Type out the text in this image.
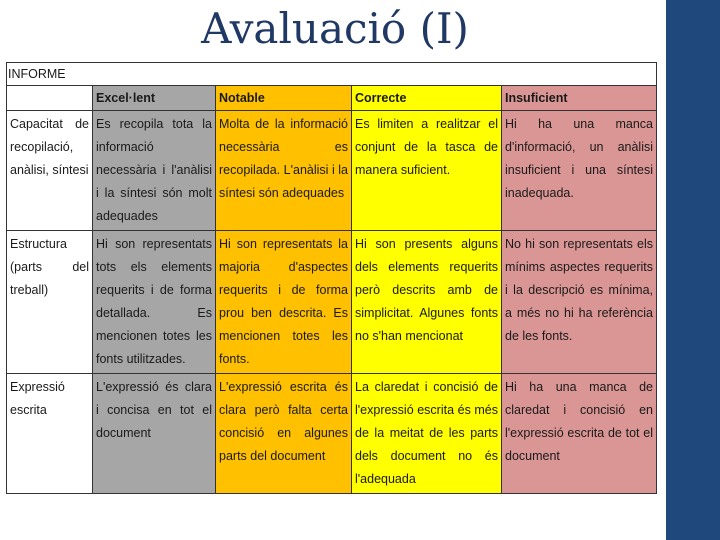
Avaluació (I)
INFORME				
	Excel·lent	Notable	Correcte	Insuficient
Capacitat de recopilació, anàlisi, síntesi	Es recopila tota la informació necessària i l'anàlisi i la síntesi són molt adequades	Molta de la informació necessària es recopilada. L'anàlisi i la síntesi són adequades	Es limiten a realitzar el conjunt de la tasca de manera suficient.	Hi ha una manca d'informació, un anàlisi insuficient i una síntesi inadequada.
Estructura (parts del treball)	Hi son representats tots els elements requerits i de forma detallada. Es mencionen totes les fonts utilitzades.	Hi son representats la majoria d'aspectes requerits i de forma prou ben descrita. Es mencionen totes les fonts.	Hi son presents alguns dels elements requerits però descrits amb de simplicitat. Algunes fonts no s'han mencionat	No hi son representats els mínims aspectes requerits i la descripció es mínima, a més no hi ha referència de les fonts.
Expressió escrita	L'expressió és clara i concisa en tot el document	L'expressió escrita és clara però falta certa concisió en algunes parts del document	La claredat i concisió de l'expressió escrita és més de la meitat de les parts dels document no és l'adequada	Hi ha una manca de claredat i concisió en l'expressió escrita de tot el document
